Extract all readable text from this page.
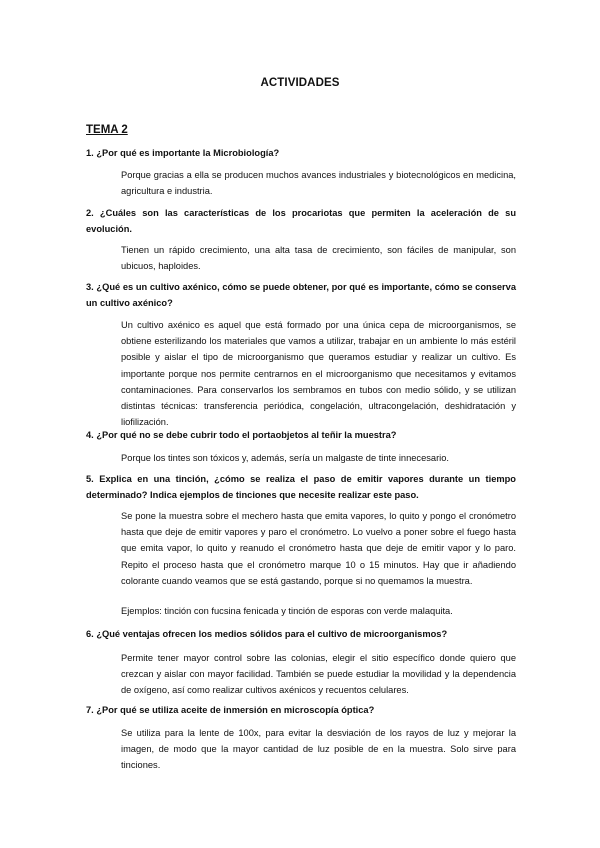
ACTIVIDADES
TEMA 2
1. ¿Por qué es importante la Microbiología?
Porque gracias a ella se producen muchos avances industriales y biotecnológicos en medicina, agricultura e industria.
2. ¿Cuáles son las características de los procariotas que permiten la aceleración de su evolución.
Tienen un rápido crecimiento, una alta tasa de crecimiento, son fáciles de manipular, son ubicuos, haploides.
3. ¿Qué es un cultivo axénico, cómo se puede obtener, por qué es importante, cómo se conserva un cultivo axénico?
Un cultivo axénico es aquel que está formado por una única cepa de microorganismos, se obtiene esterilizando los materiales que vamos a utilizar, trabajar en un ambiente lo más estéril posible y aislar el tipo de microorganismo que queramos estudiar y realizar un cultivo. Es importante porque nos permite centrarnos en el microorganismo que necesitamos y evitamos contaminaciones. Para conservarlos los sembramos en tubos con medio sólido, y se utilizan distintas técnicas: transferencia periódica, congelación, ultracongelación, deshidratación y liofilización.
4. ¿Por qué no se debe cubrir todo el portaobjetos al teñir la muestra?
Porque los tintes son tóxicos y, además, sería un malgaste de tinte innecesario.
5. Explica en una tinción, ¿cómo se realiza el paso de emitir vapores durante un tiempo determinado? Indica ejemplos de tinciones que necesite realizar este paso.
Se pone la muestra sobre el mechero hasta que emita vapores, lo quito y pongo el cronómetro hasta que deje de emitir vapores y paro el cronómetro. Lo vuelvo a poner sobre el fuego hasta que emita vapor, lo quito y reanudo el cronómetro hasta que deje de emitir vapor y lo paro. Repito el proceso hasta que el cronómetro marque 10 o 15 minutos. Hay que ir añadiendo colorante cuando veamos que se está gastando, porque si no quemamos la muestra.
Ejemplos: tinción con fucsina fenicada y tinción de esporas con verde malaquita.
6. ¿Qué ventajas ofrecen los medios sólidos para el cultivo de microorganismos?
Permite tener mayor control sobre las colonias, elegir el sitio específico donde quiero que crezcan y aislar con mayor facilidad. También se puede estudiar la movilidad y la dependencia de oxígeno, así como realizar cultivos axénicos y recuentos celulares.
7. ¿Por qué se utiliza aceite de inmersión en microscopía óptica?
Se utiliza para la lente de 100x, para evitar la desviación de los rayos de luz y mejorar la imagen, de modo que la mayor cantidad de luz posible de en la muestra. Solo sirve para tinciones.
